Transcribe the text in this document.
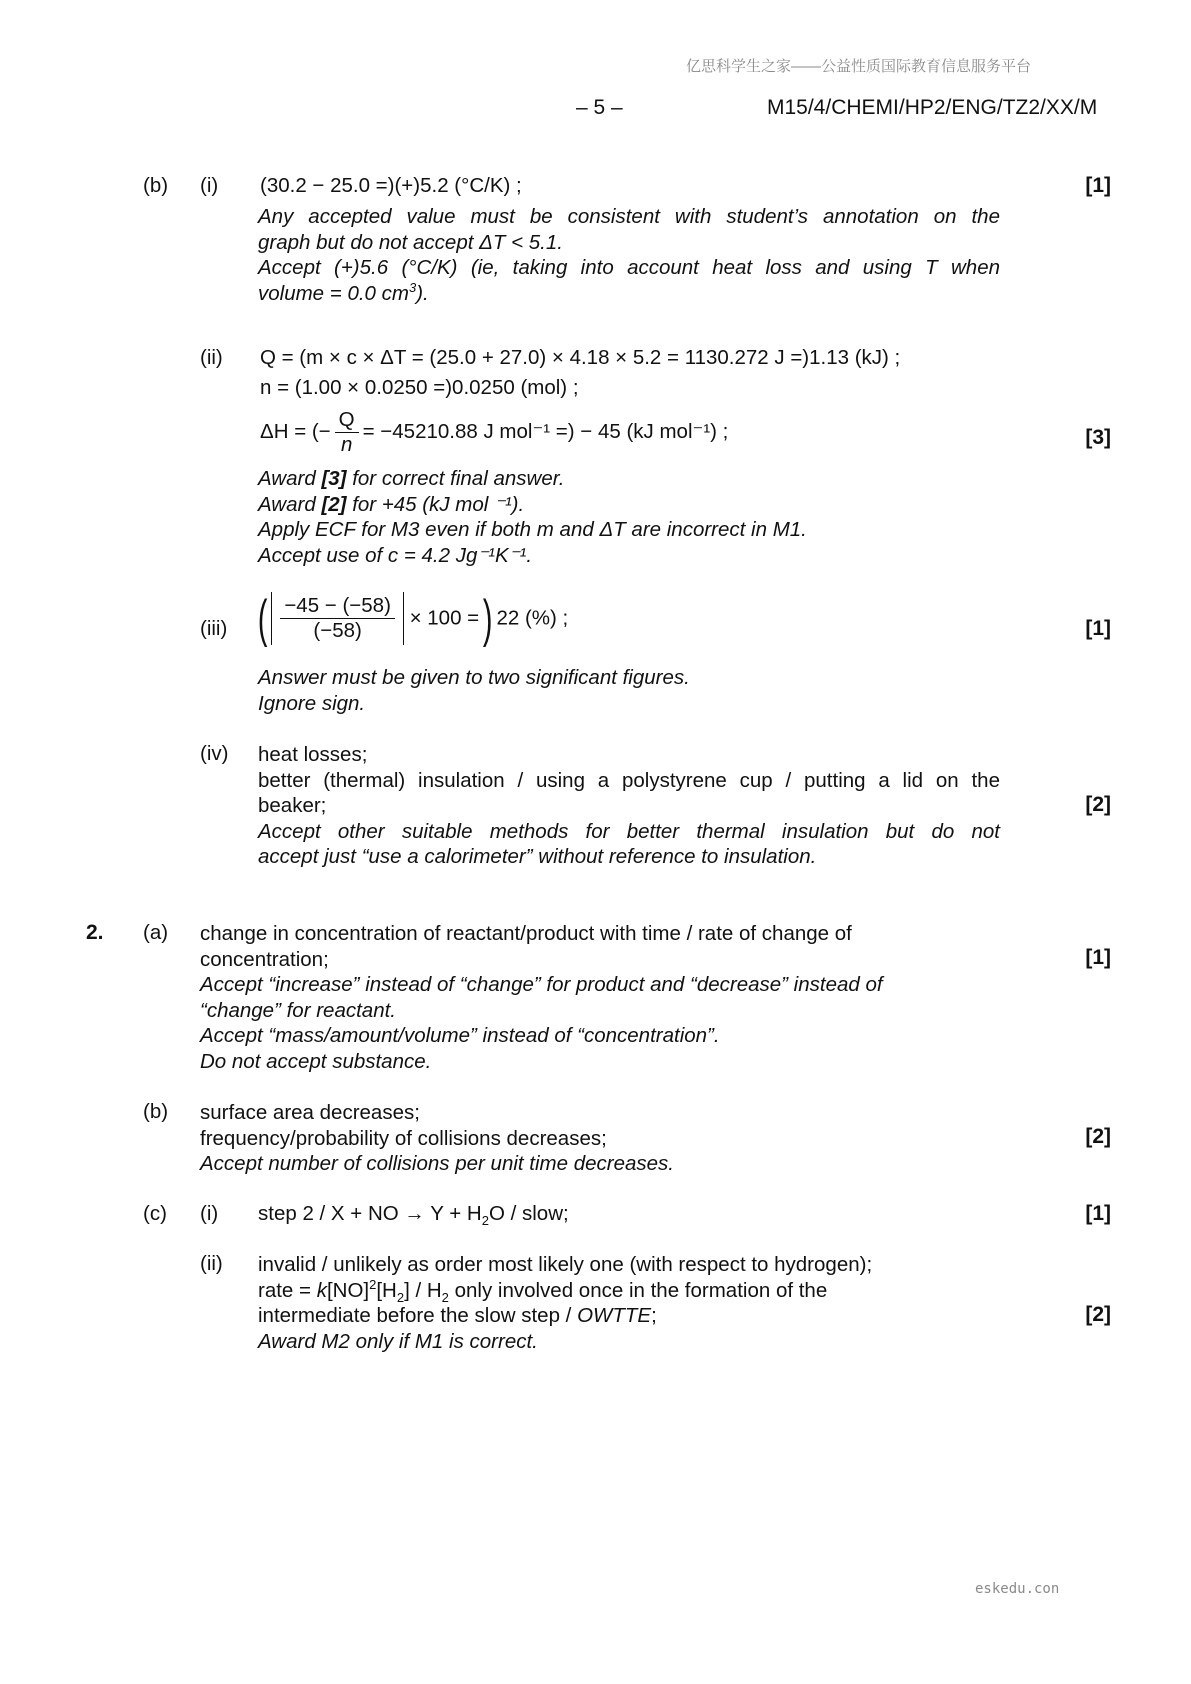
亿思科学生之家——公益性质国际教育信息服务平台
– 5 –	M15/4/CHEMI/HP2/ENG/TZ2/XX/M
(b) (i) (30.2 − 25.0 =)(+)5.2 (°C/K) ;	[1]
Any accepted value must be consistent with student’s annotation on the
graph but do not accept ΔT < 5.1.
Accept (+)5.6 (°C/K) (ie, taking into account heat loss and using T when
volume = 0.0 $cm^3$).
(ii) Q = (m × c × ΔT = (25.0 + 27.0) × 4.18 × 5.2 = 1130.272 J =)1.13 (kJ) ;
n = (1.00 × 0.0250 =)0.0250 (mol) ;
ΔH = (− $\frac{Q}{n} = -45210.88$ J mol⁻¹ =) − 45 (kJ mol⁻¹) ;	[3]
Award [3] for correct final answer.
Award [2] for +45 (kJ mol ⁻¹).
Apply ECF for M3 even if both m and ΔT are incorrect in M1.
Accept use of c = 4.2 Jg⁻¹K⁻¹.
(iii) ( $\frac{-45 - (-58)}{(-58)} \times 100$ =) 22 (%) ;	[1]
Answer must be given to two significant figures.
Ignore sign.
(iv) heat losses;
better (thermal) insulation / using a polystyrene cup / putting a lid on the
beaker;
Accept other suitable methods for better thermal insulation but do not
accept just “use a calorimeter” without reference to insulation.
[2]
2. (a) change in concentration of reactant/product with time / rate of change of
concentration;
Accept “increase” instead of “change” for product and “decrease” instead of
“change” for reactant.
Accept “mass/amount/volume” instead of “concentration”.
Do not accept substance.
[1]
(b) surface area decreases;
frequency/probability of collisions decreases;
Accept number of collisions per unit time decreases.
[2]
(c) (i) step 2 / X + NO → $Y + H_2O$ / slow;	[1]
(ii) invalid / unlikely as order most likely one (with respect to hydrogen);
rate = $k[NO]^2[H_2] / H_2$ only involved once in the formation of the
intermediate before the slow step / OWTTE;
Award M2 only if M1 is correct.
[2]
eskedu.con
